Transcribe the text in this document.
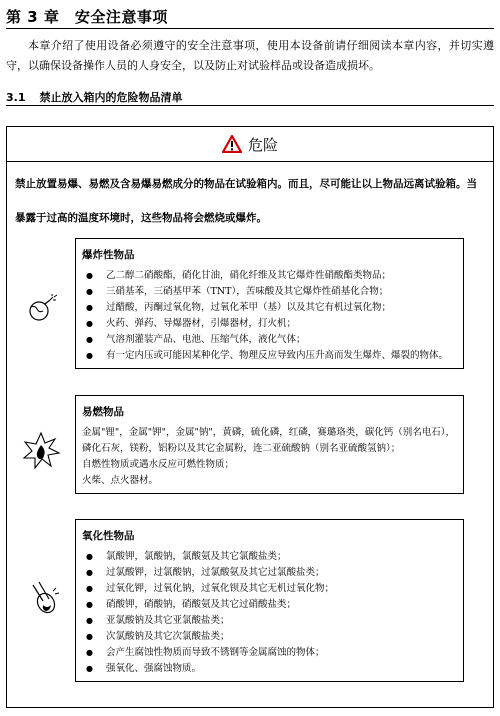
第 3 章　安全注意事项
本章介绍了使用设备必须遵守的安全注意事项，使用本设备前请仔细阅读本章内容，并切实遵守，以确保设备操作人员的人身安全，以及防止对试验样品或设备造成损坏。
3.1 禁止放入箱内的危险物品清单
危险
禁止放置易爆、易燃及含易爆易燃成分的物品在试验箱内。而且，尽可能让以上物品远离试验箱。当暴露于过高的温度环境时，这些物品将会燃烧或爆炸。
爆炸性物品
● 乙二醇二硝酸酯，硝化甘油，硝化纤维及其它爆炸性硝酸酯类物品；
● 三硝基苯，三硝基甲苯（TNT），苦味酸及其它爆炸性硝基化合物；
● 过醋酸，丙酮过氧化物，过氧化苯甲（基）以及其它有机过氧化物；
● 火药、弹药、导爆器材，引爆器材，打火机；
● 气溶剂灌装产品、电池、压缩气体，液化气体；
● 有一定内压或可能因某种化学、物理反应导致内压升高而发生爆炸、爆裂的物体。
易燃物品
金属"锂"，金属"钾"，金属"钠"，黄磷，硫化磷，红磷，赛璐珞类，碳化钙（别名电石），磷化石灰，镁粉，铝粉以及其它金属粉，连二亚硫酸钠（别名亚硫酸氢钠）；
自燃性物质或遇水反应可燃性物质；
火柴、点火器材。
氧化性物品
● 氯酸钾，氯酸钠，氯酸氨及其它氯酸盐类；
● 过氯酸钾，过氯酸钠，过氯酸氨及其它过氯酸盐类；
● 过氧化钾，过氧化钠，过氧化钡及其它无机过氧化物；
● 硝酸钾，硝酸钠，硝酸氨及其它过硝酸盐类；
● 亚氯酸钠及其它亚氯酸盐类；
● 次氯酸钠及其它次氯酸盐类；
● 会产生腐蚀性物质而导致不锈钢等金属腐蚀的物体；
● 强氧化、强腐蚀物质。
